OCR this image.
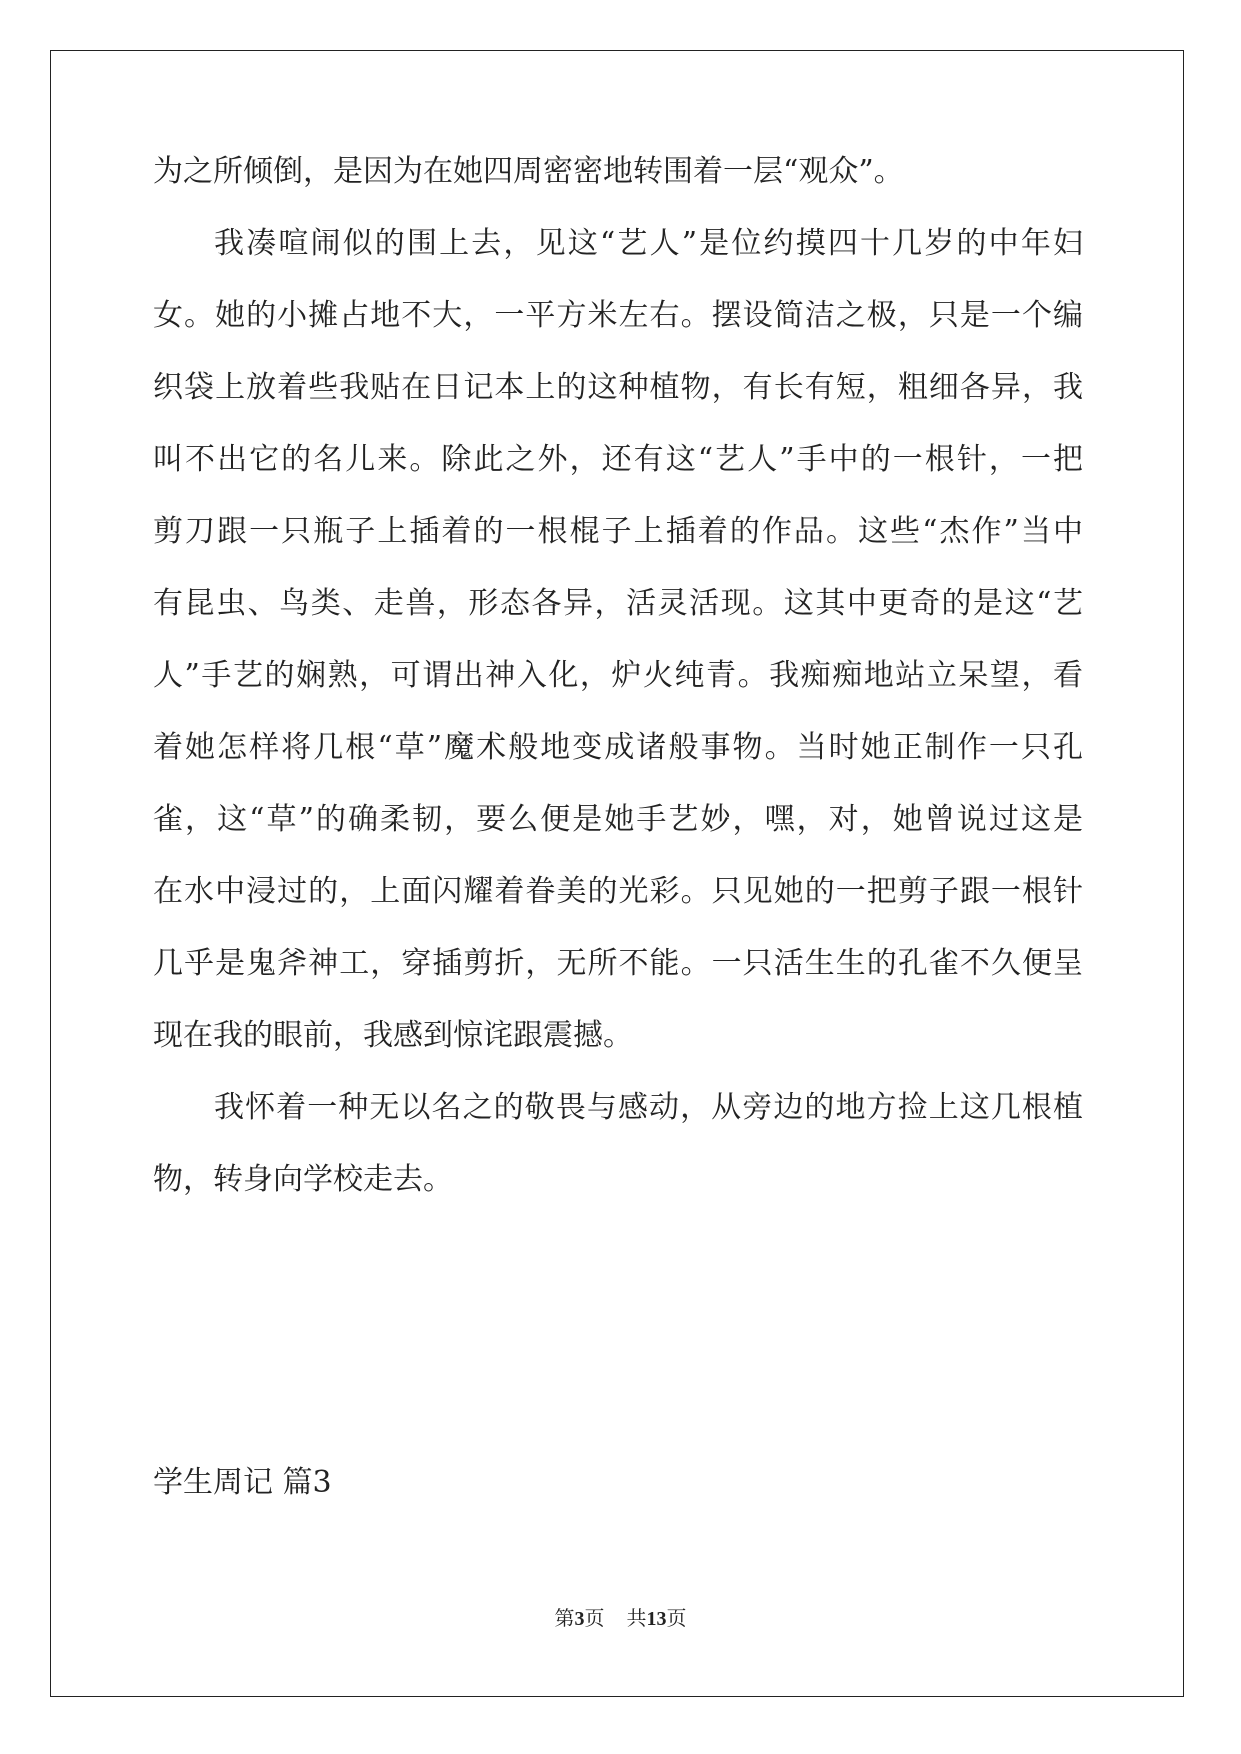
为之所倾倒，是因为在她四周密密地转围着一层“观众”。
我凑喧闹似的围上去，见这“艺人”是位约摸四十几岁的中年妇
女。她的小摊占地不大，一平方米左右。摆设简洁之极，只是一个编
织袋上放着些我贴在日记本上的这种植物，有长有短，粗细各异，我
叫不出它的名儿来。除此之外，还有这“艺人”手中的一根针，一把
剪刀跟一只瓶子上插着的一根棍子上插着的作品。这些“杰作”当中
有昆虫、鸟类、走兽，形态各异，活灵活现。这其中更奇的是这“艺
人”手艺的娴熟，可谓出神入化，炉火纯青。我痴痴地站立呆望，看
着她怎样将几根“草”魔术般地变成诸般事物。当时她正制作一只孔
雀，这“草”的确柔韧，要么便是她手艺妙，嘿，对，她曾说过这是
在水中浸过的，上面闪耀着眷美的光彩。只见她的一把剪子跟一根针
几乎是鬼斧神工，穿插剪折，无所不能。一只活生生的孔雀不久便呈
现在我的眼前，我感到惊诧跟震撼。
我怀着一种无以名之的敬畏与感动，从旁边的地方捡上这几根植
物，转身向学校走去。
学生周记 篇3
第3页 共13页
